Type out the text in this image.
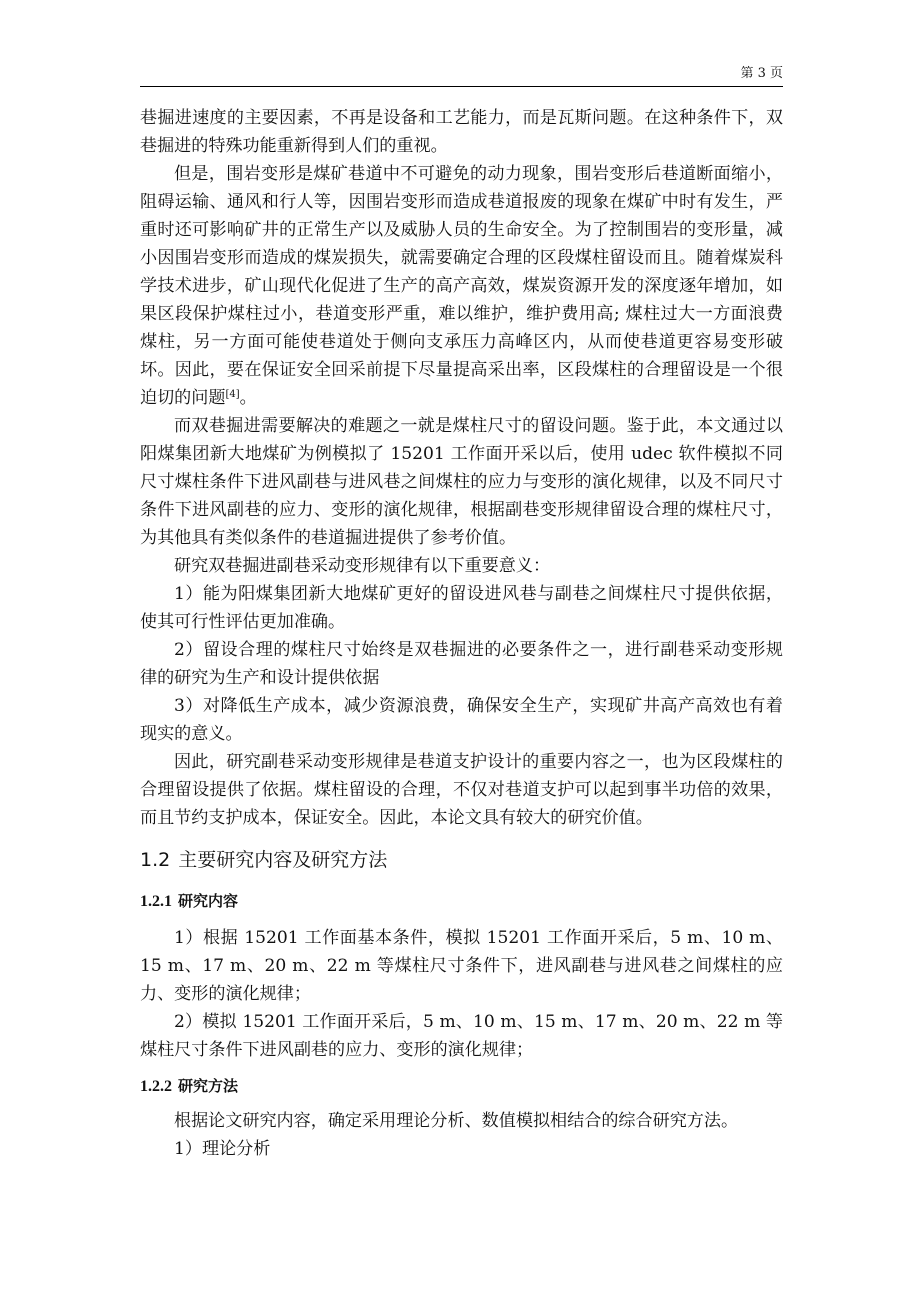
第 3 页

巷掘进速度的主要因素，不再是设备和工艺能力，而是瓦斯问题。在这种条件下，双巷掘进的特殊功能重新得到人们的重视。

但是，围岩变形是煤矿巷道中不可避免的动力现象，围岩变形后巷道断面缩小，阻碍运输、通风和行人等，因围岩变形而造成巷道报废的现象在煤矿中时有发生，严重时还可影响矿井的正常生产以及威胁人员的生命安全。为了控制围岩的变形量，减小因围岩变形而造成的煤炭损失，就需要确定合理的区段煤柱留设而且。随着煤炭科学技术进步，矿山现代化促进了生产的高产高效，煤炭资源开发的深度逐年增加，如果区段保护煤柱过小，巷道变形严重，难以维护，维护费用高; 煤柱过大一方面浪费煤柱，另一方面可能使巷道处于侧向支承压力高峰区内，从而使巷道更容易变形破坏。因此，要在保证安全回采前提下尽量提高采出率，区段煤柱的合理留设是一个很迫切的问题[4]。

而双巷掘进需要解决的难题之一就是煤柱尺寸的留设问题。鉴于此，本文通过以阳煤集团新大地煤矿为例模拟了 15201 工作面开采以后，使用 udec 软件模拟不同尺寸煤柱条件下进风副巷与进风巷之间煤柱的应力与变形的演化规律，以及不同尺寸条件下进风副巷的应力、变形的演化规律，根据副巷变形规律留设合理的煤柱尺寸，为其他具有类似条件的巷道掘进提供了参考价值。

研究双巷掘进副巷采动变形规律有以下重要意义：

1）能为阳煤集团新大地煤矿更好的留设进风巷与副巷之间煤柱尺寸提供依据，使其可行性评估更加准确。

2）留设合理的煤柱尺寸始终是双巷掘进的必要条件之一，进行副巷采动变形规律的研究为生产和设计提供依据

3）对降低生产成本，减少资源浪费，确保安全生产，实现矿井高产高效也有着现实的意义。

因此，研究副巷采动变形规律是巷道支护设计的重要内容之一，也为区段煤柱的合理留设提供了依据。煤柱留设的合理，不仅对巷道支护可以起到事半功倍的效果，而且节约支护成本，保证安全。因此，本论文具有较大的研究价值。

1.2 主要研究内容及研究方法
1.2.1 研究内容

1）根据 15201 工作面基本条件，模拟 15201 工作面开采后，5 m、10 m、15 m、17 m、20 m、22 m 等煤柱尺寸条件下，进风副巷与进风巷之间煤柱的应力、变形的演化规律；

2）模拟 15201 工作面开采后，5 m、10 m、15 m、17 m、20 m、22 m 等煤柱尺寸条件下进风副巷的应力、变形的演化规律；

1.2.2 研究方法

根据论文研究内容，确定采用理论分析、数值模拟相结合的综合研究方法。

1）理论分析
